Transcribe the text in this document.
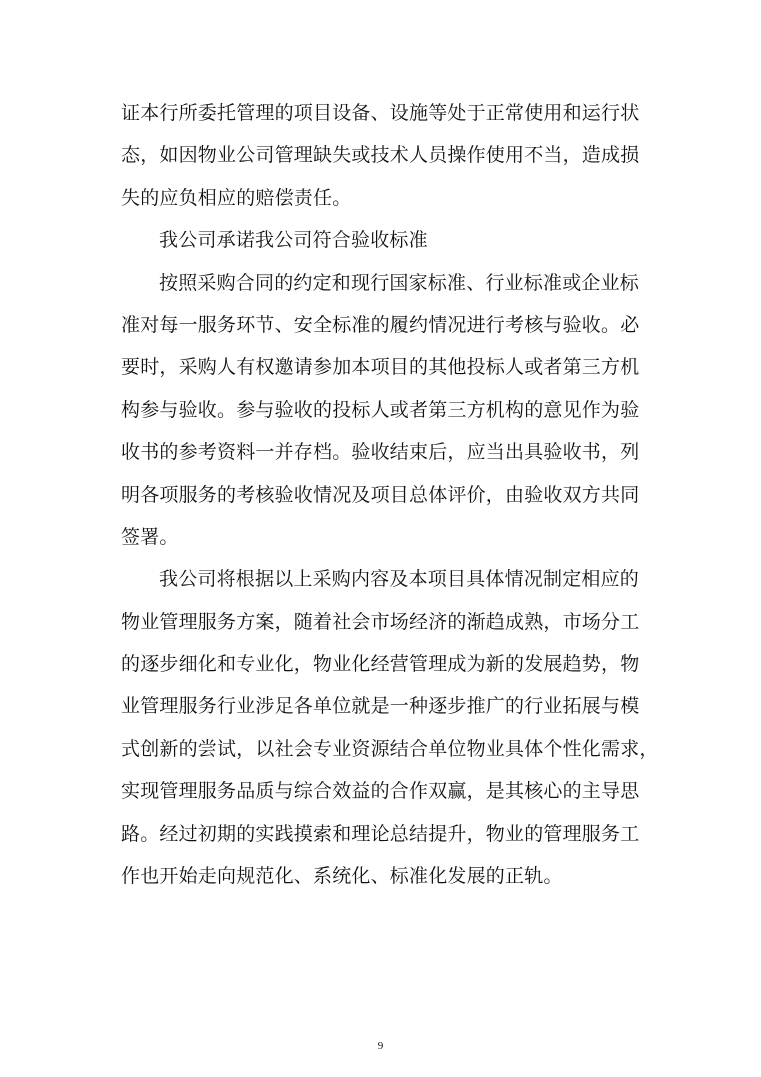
证本行所委托管理的项目设备、设施等处于正常使用和运行状
态，如因物业公司管理缺失或技术人员操作使用不当，造成损
失的应负相应的赔偿责任。
我公司承诺我公司符合验收标准
按照采购合同的约定和现行国家标准、行业标准或企业标
准对每一服务环节、安全标准的履约情况进行考核与验收。必
要时，采购人有权邀请参加本项目的其他投标人或者第三方机
构参与验收。参与验收的投标人或者第三方机构的意见作为验
收书的参考资料一并存档。验收结束后，应当出具验收书，列
明各项服务的考核验收情况及项目总体评价，由验收双方共同
签署。
我公司将根据以上采购内容及本项目具体情况制定相应的
物业管理服务方案，随着社会市场经济的渐趋成熟，市场分工
的逐步细化和专业化，物业化经营管理成为新的发展趋势，物
业管理服务行业涉足各单位就是一种逐步推广的行业拓展与模
式创新的尝试，以社会专业资源结合单位物业具体个性化需求，
实现管理服务品质与综合效益的合作双赢，是其核心的主导思
路。经过初期的实践摸索和理论总结提升，物业的管理服务工
作也开始走向规范化、系统化、标准化发展的正轨。
9
